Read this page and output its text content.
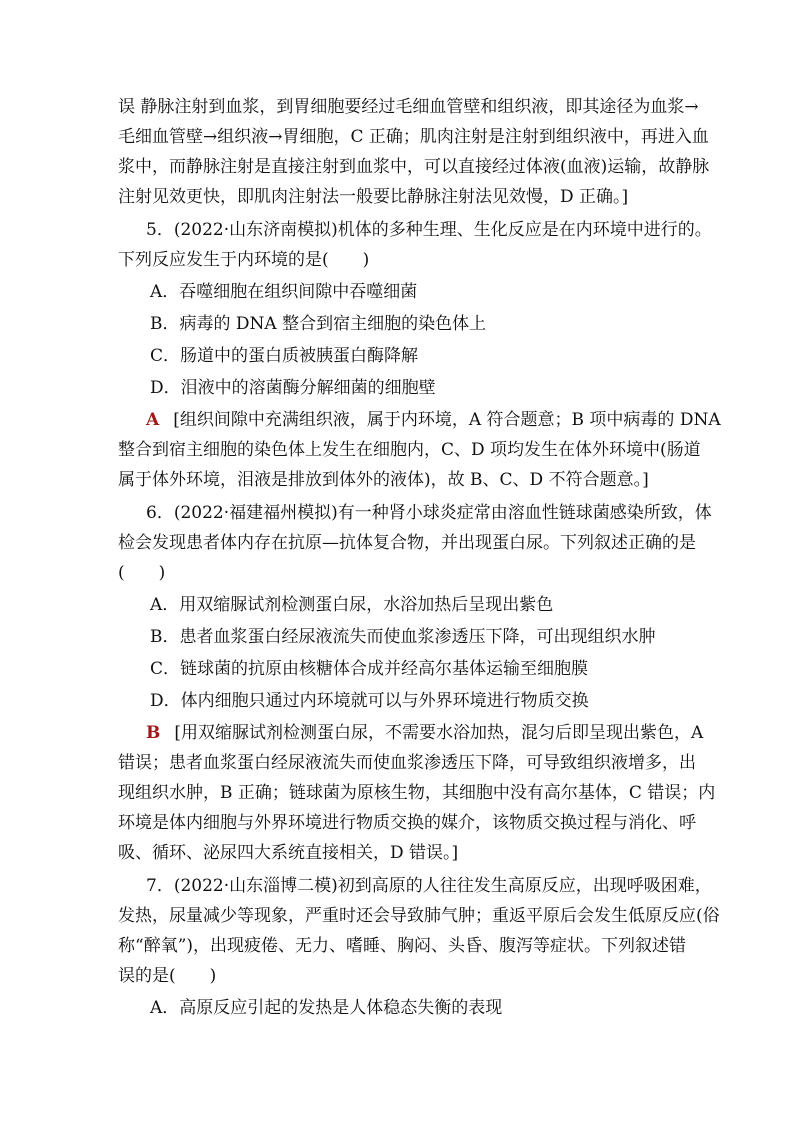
误 静脉注射到血浆，到胃细胞要经过毛细血管壁和组织液，即其途径为血浆→
毛细血管壁→组织液→胃细胞，C 正确；肌肉注射是注射到组织液中，再进入血
浆中，而静脉注射是直接注射到血浆中，可以直接经过体液(血液)运输，故静脉
注射见效更快，即肌肉注射法一般要比静脉注射法见效慢，D 正确。]
5．(2022·山东济南模拟)机体的多种生理、生化反应是在内环境中进行的。
下列反应发生于内环境的是(　　)
A．吞噬细胞在组织间隙中吞噬细菌
B．病毒的 DNA 整合到宿主细胞的染色体上
C．肠道中的蛋白质被胰蛋白酶降解
D．泪液中的溶菌酶分解细菌的细胞壁
A [组织间隙中充满组织液，属于内环境，A 符合题意；B 项中病毒的 DNA
整合到宿主细胞的染色体上发生在细胞内，C、D 项均发生在体外环境中(肠道
属于体外环境，泪液是排放到体外的液体)，故 B、C、D 不符合题意。]
6．(2022·福建福州模拟)有一种肾小球炎症常由溶血性链球菌感染所致，体
检会发现患者体内存在抗原—抗体复合物，并出现蛋白尿。下列叙述正确的是
(　　)
A．用双缩脲试剂检测蛋白尿，水浴加热后呈现出紫色
B．患者血浆蛋白经尿液流失而使血浆渗透压下降，可出现组织水肿
C．链球菌的抗原由核糖体合成并经高尔基体运输至细胞膜
D．体内细胞只通过内环境就可以与外界环境进行物质交换
B [用双缩脲试剂检测蛋白尿，不需要水浴加热，混匀后即呈现出紫色，A
错误；患者血浆蛋白经尿液流失而使血浆渗透压下降，可导致组织液增多，出
现组织水肿，B 正确；链球菌为原核生物，其细胞中没有高尔基体，C 错误；内
环境是体内细胞与外界环境进行物质交换的媒介，该物质交换过程与消化、呼
吸、循环、泌尿四大系统直接相关，D 错误。]
7．(2022·山东淄博二模)初到高原的人往往发生高原反应，出现呼吸困难，
发热，尿量减少等现象，严重时还会导致肺气肿；重返平原后会发生低原反应(俗
称“醉氧”)，出现疲倦、无力、嗜睡、胸闷、头昏、腹泻等症状。下列叙述错
误的是(　　)
A．高原反应引起的发热是人体稳态失衡的表现
